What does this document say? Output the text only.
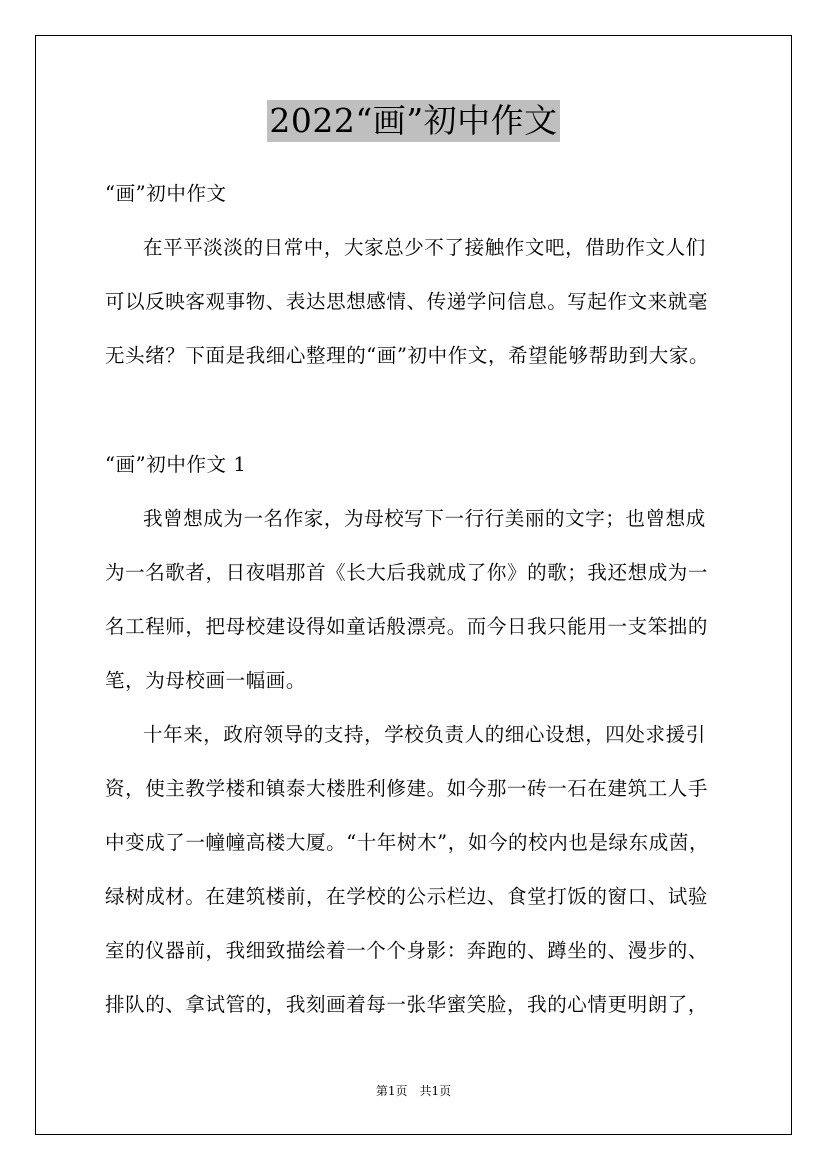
2022“画”初中作文
“画”初中作文
在平平淡淡的日常中，大家总少不了接触作文吧，借助作文人们
可以反映客观事物、表达思想感情、传递学问信息。写起作文来就毫
无头绪？下面是我细心整理的“画”初中作文，希望能够帮助到大家。
“画”初中作文 1
我曾想成为一名作家，为母校写下一行行美丽的文字；也曾想成
为一名歌者，日夜唱那首《长大后我就成了你》的歌；我还想成为一
名工程师，把母校建设得如童话般漂亮。而今日我只能用一支笨拙的
笔，为母校画一幅画。
十年来，政府领导的支持，学校负责人的细心设想，四处求援引
资，使主教学楼和镇泰大楼胜利修建。如今那一砖一石在建筑工人手
中变成了一幢幢高楼大厦。“十年树木”，如今的校内也是绿东成茵，
绿树成材。在建筑楼前，在学校的公示栏边、食堂打饭的窗口、试验
室的仪器前，我细致描绘着一个个身影：奔跑的、蹲坐的、漫步的、
排队的、拿试管的，我刻画着每一张华蜜笑脸，我的心情更明朗了，
第1页　共1页
